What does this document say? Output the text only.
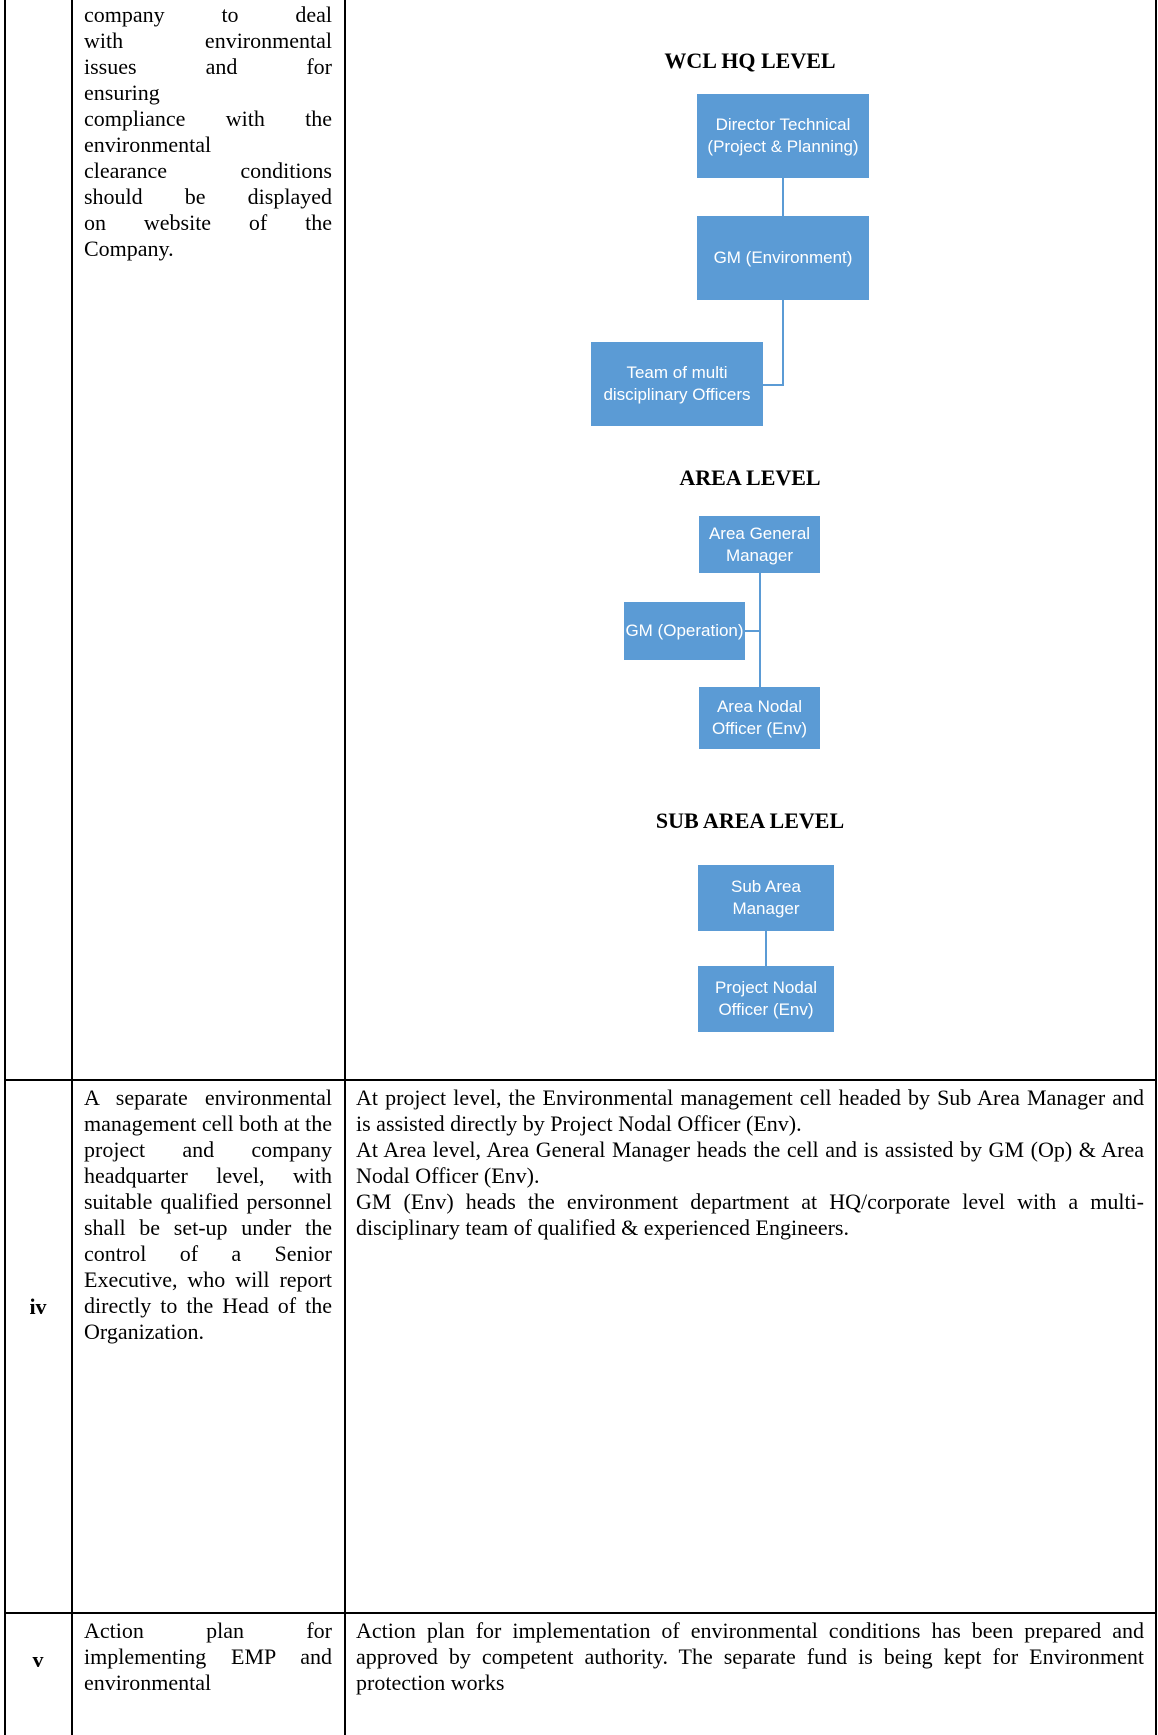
company to deal
with environmental
issues and for
ensuring
compliance with the
environmental
clearance conditions
should be displayed
on website of the
Company.
WCL HQ LEVEL
Director Technical (Project & Planning)
GM (Environment)
Team of multi disciplinary Officers
AREA LEVEL
Area General Manager
GM (Operation)
Area Nodal Officer (Env)
SUB AREA LEVEL
Sub Area Manager
Project Nodal Officer (Env)
iv
A separate environmental management cell both at the project and company headquarter level, with suitable qualified personnel shall be set-up under the control of a Senior Executive, who will report directly to the Head of the Organization.

At project level, the Environmental management cell headed by Sub Area Manager and is assisted directly by Project Nodal Officer (Env).

At Area level, Area General Manager heads the cell and is assisted by GM (Op) & Area Nodal Officer (Env).

GM (Env) heads the environment department at HQ/corporate level with a multi-disciplinary team of qualified & experienced Engineers.

v
Action plan for implementing EMP and environmental
Action plan for implementation of environmental conditions has been prepared and approved by competent authority. The separate fund is being kept for Environment protection works
